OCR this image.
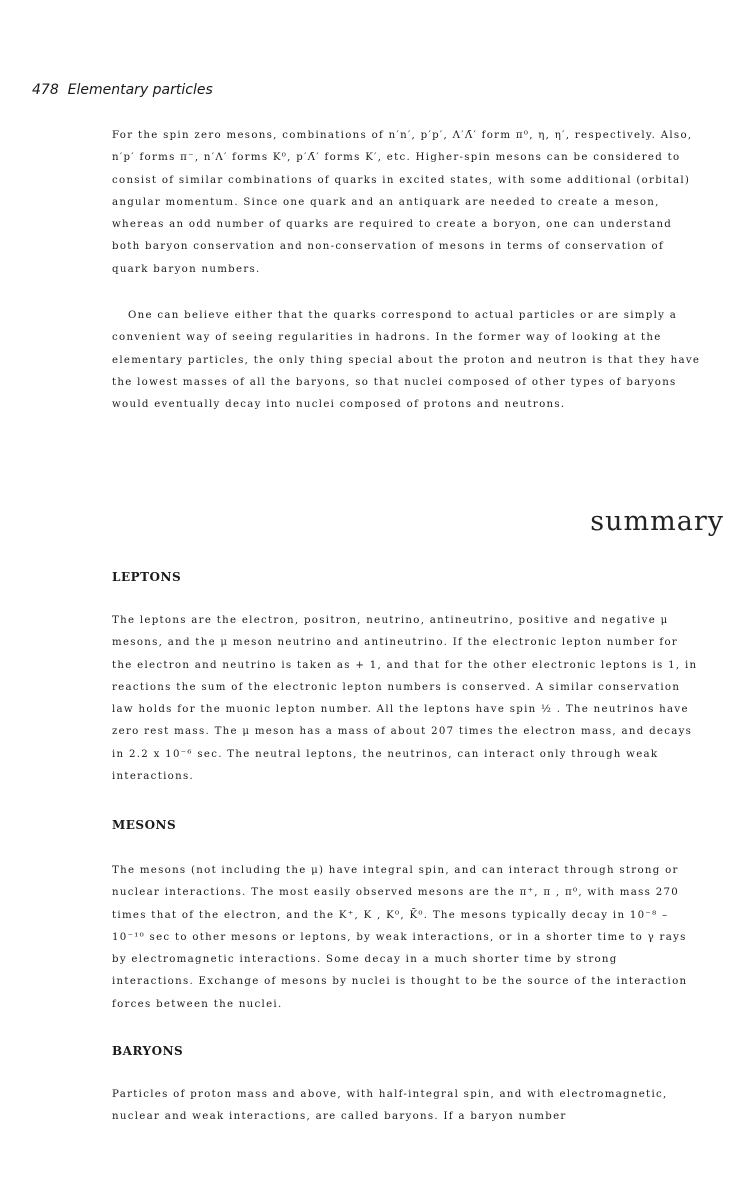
478 Elementary particles
For the spin zero mesons, combinations of n′n′, p′p′, Λ′Λ̄′ form π⁰, η, η′, respectively. Also, n′p′ forms π⁻, n′Λ′ forms K⁰, p′Λ̄′ forms K′, etc. Higher-spin mesons can be considered to consist of similar combinations of quarks in excited states, with some additional (orbital) angular momentum. Since one quark and an antiquark are needed to create a meson, whereas an odd number of quarks are required to create a boryon, one can understand both baryon conservation and non-conservation of mesons in terms of conservation of quark baryon numbers.
One can believe either that the quarks correspond to actual particles or are simply a convenient way of seeing regularities in hadrons. In the former way of looking at the elementary particles, the only thing special about the proton and neutron is that they have the lowest masses of all the baryons, so that nuclei composed of other types of baryons would eventually decay into nuclei composed of protons and neutrons.
summary
LEPTONS
The leptons are the electron, positron, neutrino, antineutrino, positive and negative μ mesons, and the μ meson neutrino and antineutrino. If the electronic lepton number for the electron and neutrino is taken as + 1, and that for the other electronic leptons is 1, in reactions the sum of the electronic lepton numbers is conserved. A similar conservation law holds for the muonic lepton number. All the leptons have spin ½ . The neutrinos have zero rest mass. The μ meson has a mass of about 207 times the electron mass, and decays in 2.2 x 10⁻⁶ sec. The neutral leptons, the neutrinos, can interact only through weak interactions.
MESONS
The mesons (not including the μ) have integral spin, and can interact through strong or nuclear interactions. The most easily observed mesons are the π⁺, π , π⁰, with mass 270 times that of the electron, and the K⁺, K , K⁰, K̄⁰. The mesons typically decay in 10⁻⁸ – 10⁻¹⁰ sec to other mesons or leptons, by weak interactions, or in a shorter time to γ rays by electromagnetic interactions. Some decay in a much shorter time by strong interactions. Exchange of mesons by nuclei is thought to be the source of the interaction forces between the nuclei.
BARYONS
Particles of proton mass and above, with half-integral spin, and with electromagnetic, nuclear and weak interactions, are called baryons. If a baryon number
